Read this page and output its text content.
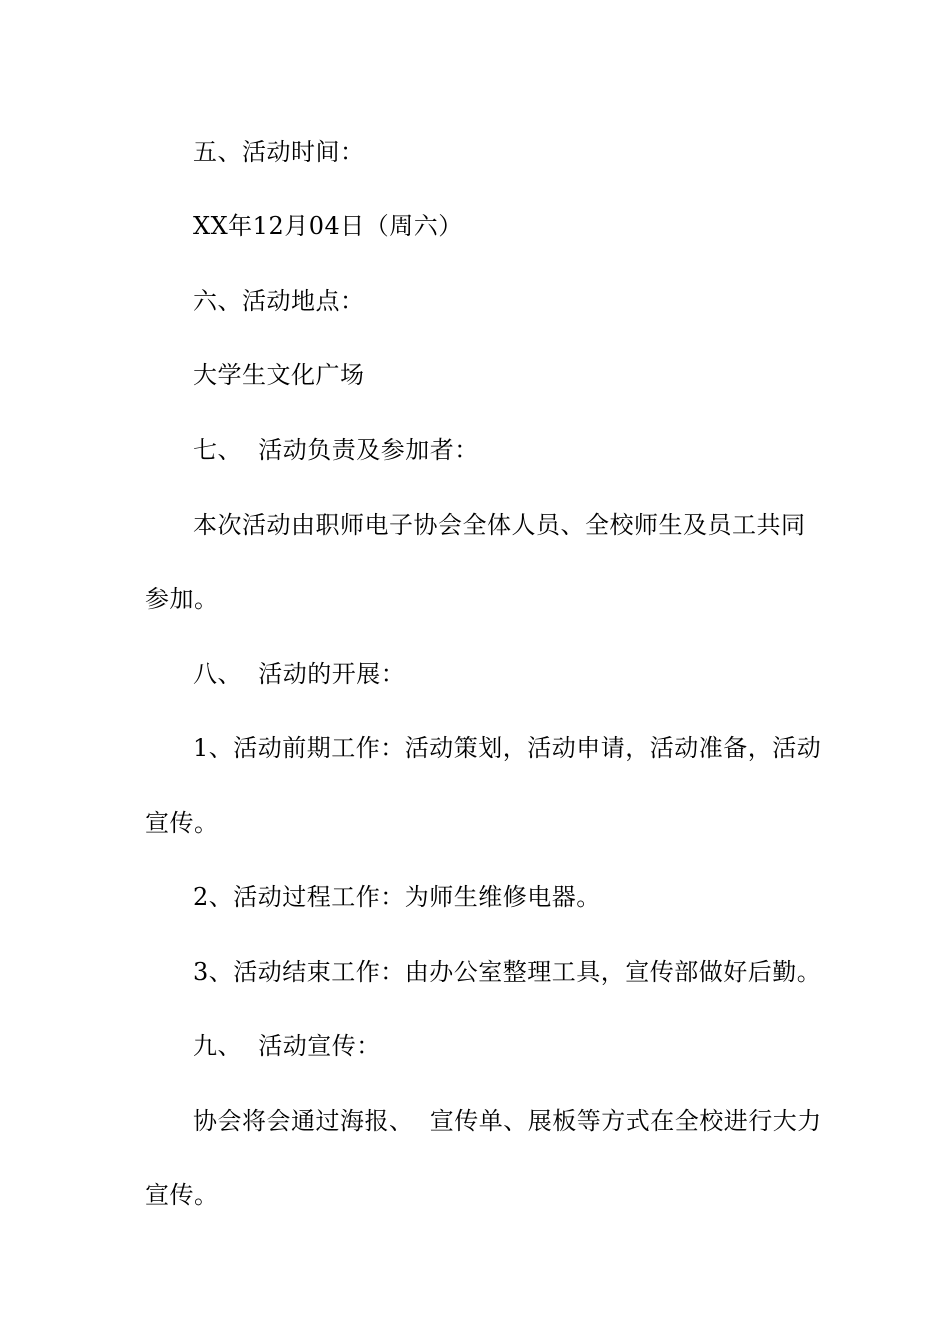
五、活动时间：
XX年12月04日（周六）
六、活动地点：
大学生文化广场
七、  活动负责及参加者：
本次活动由职师电子协会全体人员、全校师生及员工共同
参加。
八、  活动的开展：
1、活动前期工作：活动策划，活动申请，活动准备，活动
宣传。
2、活动过程工作：为师生维修电器。
3、活动结束工作：由办公室整理工具，宣传部做好后勤。
九、  活动宣传：
协会将会通过海报、  宣传单、展板等方式在全校进行大力
宣传。
